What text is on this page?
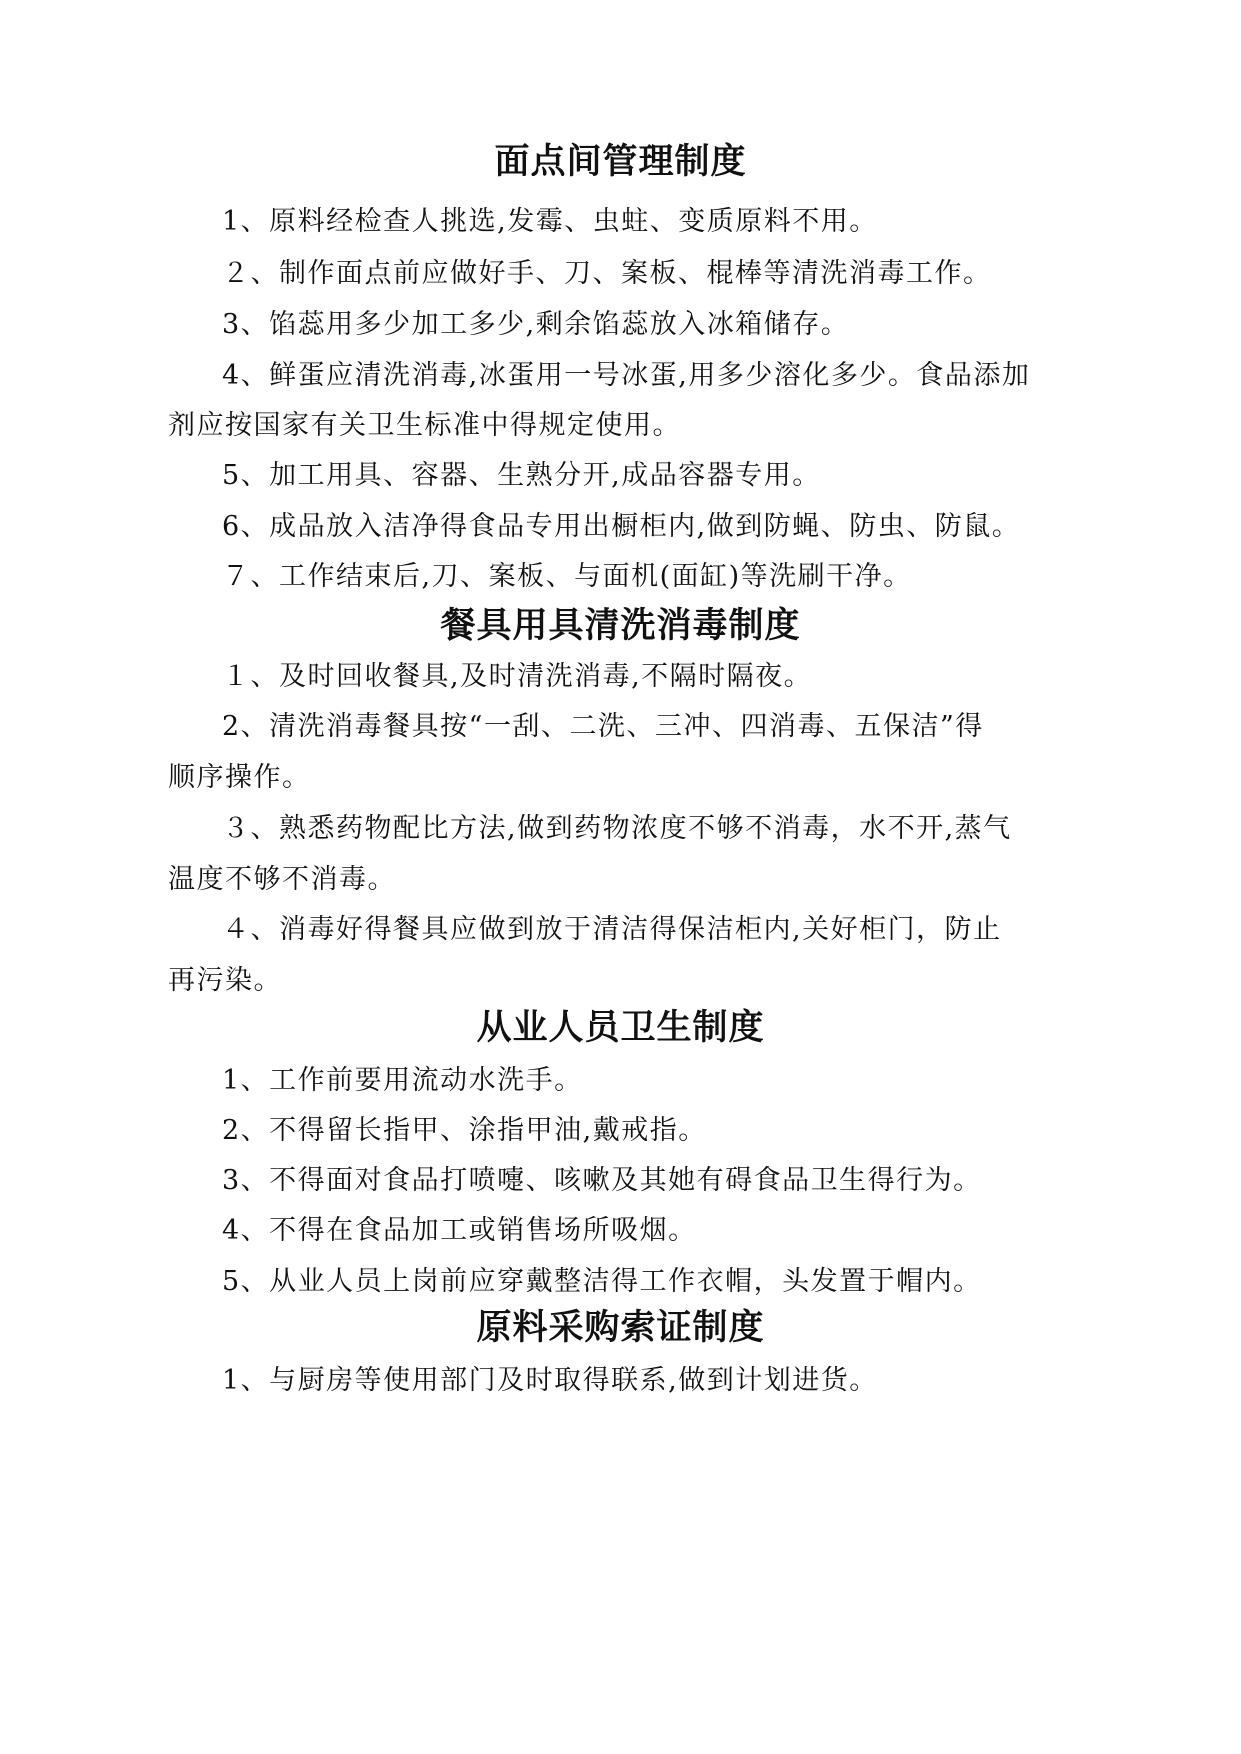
面点间管理制度
1、原料经检查人挑选,发霉、虫蛀、变质原料不用。
２、制作面点前应做好手、刀、案板、棍棒等清洗消毒工作。
3、馅蕊用多少加工多少,剩余馅蕊放入冰箱储存。
4、鲜蛋应清洗消毒,冰蛋用一号冰蛋,用多少溶化多少。食品添加
剂应按国家有关卫生标准中得规定使用。
5、加工用具、容器、生熟分开,成品容器专用。
6、成品放入洁净得食品专用出橱柜内,做到防蝇、防虫、防鼠。
７、工作结束后,刀、案板、与面机(面缸)等洗刷干净。
餐具用具清洗消毒制度
１、及时回收餐具,及时清洗消毒,不隔时隔夜。
2、清洗消毒餐具按“一刮、二洗、三冲、四消毒、五保洁”得
顺序操作。
３、熟悉药物配比方法,做到药物浓度不够不消毒，水不开,蒸气
温度不够不消毒。
４、消毒好得餐具应做到放于清洁得保洁柜内,关好柜门，防止
再污染。
从业人员卫生制度
1、工作前要用流动水洗手。
2、不得留长指甲、涂指甲油,戴戒指。
3、不得面对食品打喷嚏、咳嗽及其她有碍食品卫生得行为。
4、不得在食品加工或销售场所吸烟。
5、从业人员上岗前应穿戴整洁得工作衣帽，头发置于帽内。
原料采购索证制度
1、与厨房等使用部门及时取得联系,做到计划进货。
